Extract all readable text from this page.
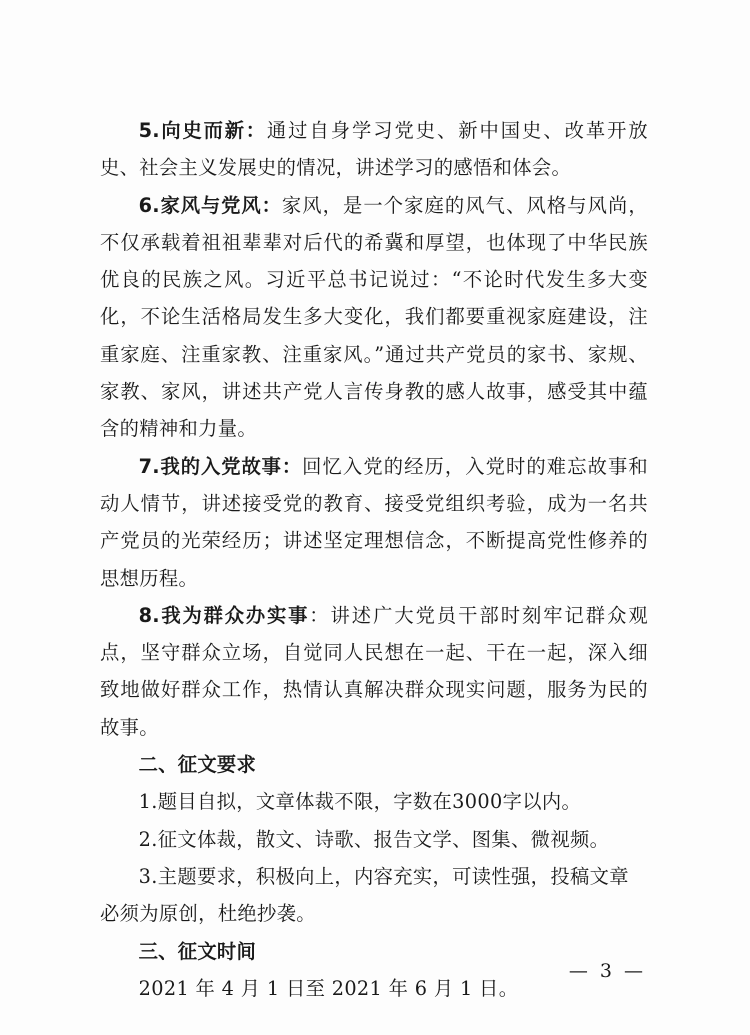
5.向史而新：通过自身学习党史、新中国史、改革开放史、社会主义发展史的情况，讲述学习的感悟和体会。

6.家风与党风：家风，是一个家庭的风气、风格与风尚，不仅承载着祖祖辈辈对后代的希冀和厚望，也体现了中华民族优良的民族之风。习近平总书记说过：“不论时代发生多大变化，不论生活格局发生多大变化，我们都要重视家庭建设，注重家庭、注重家教、注重家风。”通过共产党员的家书、家规、家教、家风，讲述共产党人言传身教的感人故事，感受其中蕴含的精神和力量。

7.我的入党故事：回忆入党的经历，入党时的难忘故事和动人情节，讲述接受党的教育、接受党组织考验，成为一名共产党员的光荣经历；讲述坚定理想信念，不断提高党性修养的思想历程。

8.我为群众办实事：讲述广大党员干部时刻牢记群众观点，坚守群众立场，自觉同人民想在一起、干在一起，深入细致地做好群众工作，热情认真解决群众现实问题，服务为民的故事。

二、征文要求

1.题目自拟，文章体裁不限，字数在3000字以内。

2.征文体裁，散文、诗歌、报告文学、图集、微视频。

3.主题要求，积极向上，内容充实，可读性强，投稿文章必须为原创，杜绝抄袭。

三、征文时间

2021 年 4 月 1 日至 2021 年 6 月 1 日。

— 3 —
